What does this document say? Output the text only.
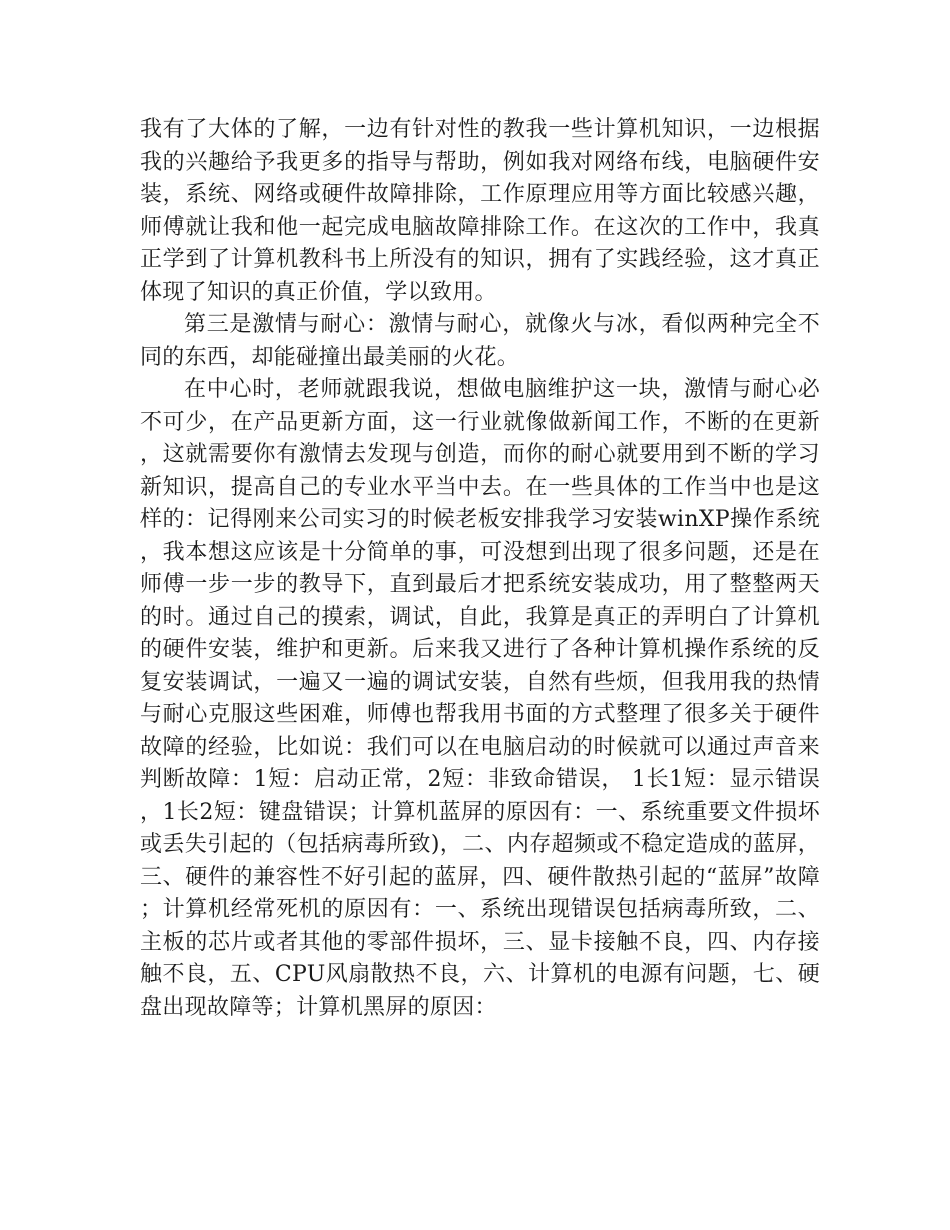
我有了大体的了解，一边有针对性的教我一些计算机知识，一边根据我的兴趣给予我更多的指导与帮助，例如我对网络布线，电脑硬件安装，系统、网络或硬件故障排除，工作原理应用等方面比较感兴趣，师傅就让我和他一起完成电脑故障排除工作。在这次的工作中，我真正学到了计算机教科书上所没有的知识，拥有了实践经验，这才真正体现了知识的真正价值，学以致用。

第三是激情与耐心：激情与耐心，就像火与冰，看似两种完全不同的东西，却能碰撞出最美丽的火花。

在中心时，老师就跟我说，想做电脑维护这一块，激情与耐心必不可少，在产品更新方面，这一行业就像做新闻工作，不断的在更新，这就需要你有激情去发现与创造，而你的耐心就要用到不断的学习新知识，提高自己的专业水平当中去。在一些具体的工作当中也是这样的：记得刚来公司实习的时候老板安排我学习安装winXP操作系统，我本想这应该是十分简单的事，可没想到出现了很多问题，还是在师傅一步一步的教导下，直到最后才把系统安装成功，用了整整两天的时。通过自己的摸索，调试，自此，我算是真正的弄明白了计算机的硬件安装，维护和更新。后来我又进行了各种计算机操作系统的反复安装调试，一遍又一遍的调试安装，自然有些烦，但我用我的热情与耐心克服这些困难，师傅也帮我用书面的方式整理了很多关于硬件故障的经验，比如说：我们可以在电脑启动的时候就可以通过声音来判断故障：1短：启动正常，2短：非致命错误， 1长1短：显示错误 ，1长2短：键盘错误；计算机蓝屏的原因有：一、系统重要文件损坏或丢失引起的（包括病毒所致)，二、内存超频或不稳定造成的蓝屏，三、硬件的兼容性不好引起的蓝屏，四、硬件散热引起的“蓝屏”故障；计算机经常死机的原因有：一、系统出现错误包括病毒所致，二、主板的芯片或者其他的零部件损坏，三、显卡接触不良，四、内存接触不良，五、CPU风扇散热不良，六、计算机的电源有问题，七、硬盘出现故障等；计算机黑屏的原因：
